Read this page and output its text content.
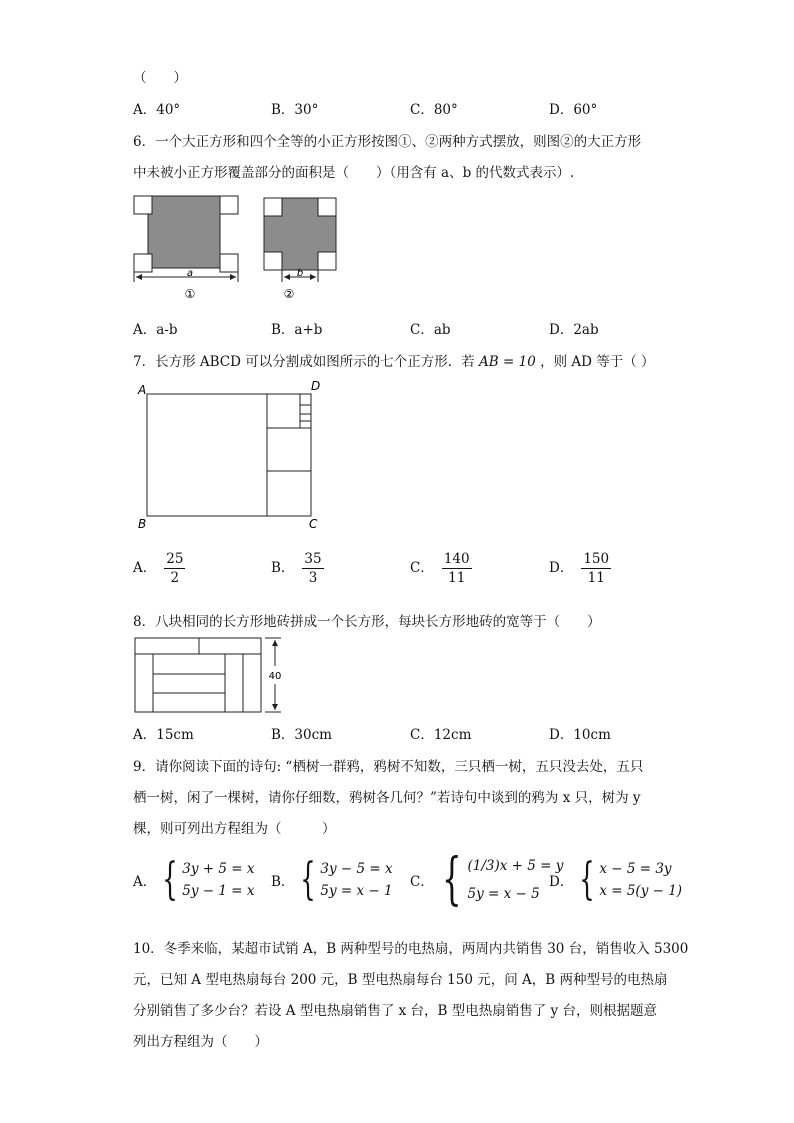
（　　）
A．40°	B．30°	C．80°	D．60°
6．一个大正方形和四个全等的小正方形按图①、②两种方式摆放，则图②的大正方形
中未被小正方形覆盖部分的面积是（　　）（用含有 a、b 的代数式表示）.
a
①
b
②
A．a-b	B．a+b	C．ab	D．2ab
7．长方形 ABCD 可以分割成如图所示的七个正方形．若 AB = 10 ，则 AD 等于（ ）
A	D
B	C
A． $\frac{25}{2}$	B． $\frac{35}{3}$	C． $\frac{140}{11}$	D． $\frac{150}{11}$
8．八块相同的长方形地砖拼成一个长方形，每块长方形地砖的宽等于（　　）
40
A．15cm	B．30cm	C．12cm	D．10cm
9．请你阅读下面的诗句: “栖树一群鸦，鸦树不知数，三只栖一树，五只没去处，五只
栖一树，闲了一棵树，请你仔细数，鸦树各几何？”若诗句中谈到的鸦为 x 只，树为 y
棵，则可列出方程组为（　　　）
A． { 3y + 5 = x
5y − 1 = x
B． { 3y − 5 = x
5y = x − 1
C． { (1/3)x + 5 = y
5y = x − 5
D． { x − 5 = 3y
x = 5(y − 1)
10．冬季来临，某超市试销 A，B 两种型号的电热扇，两周内共销售 30 台，销售收入 5300
元，已知 A 型电热扇每台 200 元，B 型电热扇每台 150 元，问 A，B 两种型号的电热扇
分别销售了多少台？若设 A 型电热扇销售了 x 台，B 型电热扇销售了 y 台，则根据题意
列出方程组为（　　）
